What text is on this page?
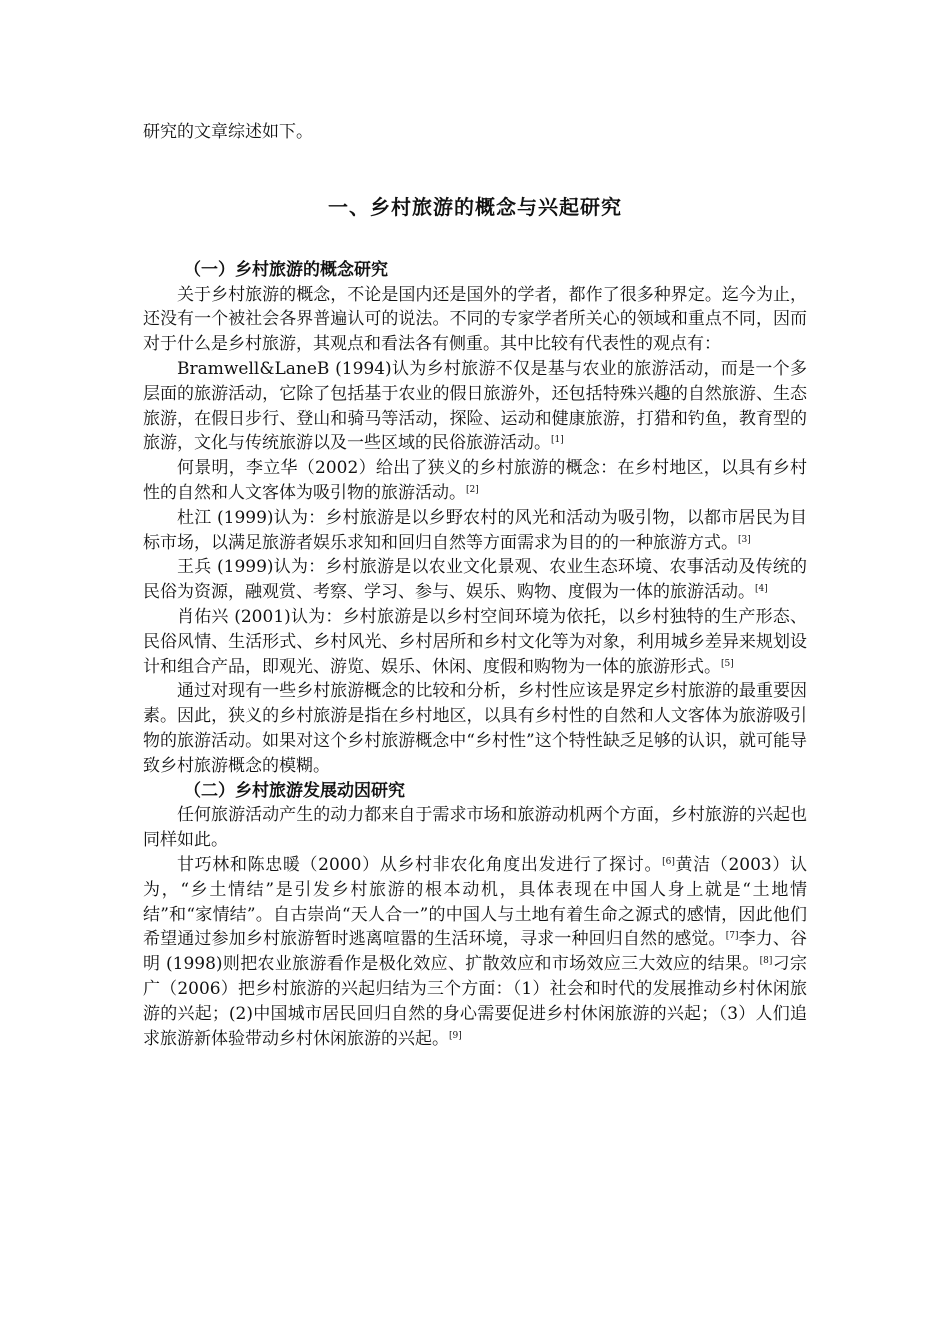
研究的文章综述如下。

一、乡村旅游的概念与兴起研究
（一）乡村旅游的概念研究

关于乡村旅游的概念，不论是国内还是国外的学者，都作了很多种界定。迄今为止，还没有一个被社会各界普遍认可的说法。不同的专家学者所关心的领域和重点不同，因而对于什么是乡村旅游，其观点和看法各有侧重。其中比较有代表性的观点有：

Bramwell&LaneB (1994)认为乡村旅游不仅是基与农业的旅游活动，而是一个多层面的旅游活动，它除了包括基于农业的假日旅游外，还包括特殊兴趣的自然旅游、生态旅游，在假日步行、登山和骑马等活动，探险、运动和健康旅游，打猎和钓鱼，教育型的旅游，文化与传统旅游以及一些区域的民俗旅游活动。[1]

何景明，李立华（2002）给出了狭义的乡村旅游的概念：在乡村地区，以具有乡村性的自然和人文客体为吸引物的旅游活动。[2]

杜江 (1999)认为：乡村旅游是以乡野农村的风光和活动为吸引物，以都市居民为目标市场，以满足旅游者娱乐求知和回归自然等方面需求为目的的一种旅游方式。[3]

王兵 (1999)认为：乡村旅游是以农业文化景观、农业生态环境、农事活动及传统的民俗为资源，融观赏、考察、学习、参与、娱乐、购物、度假为一体的旅游活动。[4]

肖佑兴 (2001)认为：乡村旅游是以乡村空间环境为依托，以乡村独特的生产形态、民俗风情、生活形式、乡村风光、乡村居所和乡村文化等为对象，利用城乡差异来规划设计和组合产品，即观光、游览、娱乐、休闲、度假和购物为一体的旅游形式。[5]

通过对现有一些乡村旅游概念的比较和分析，乡村性应该是界定乡村旅游的最重要因素。因此，狭义的乡村旅游是指在乡村地区，以具有乡村性的自然和人文客体为旅游吸引物的旅游活动。如果对这个乡村旅游概念中“乡村性”这个特性缺乏足够的认识，就可能导致乡村旅游概念的模糊。

（二）乡村旅游发展动因研究

任何旅游活动产生的动力都来自于需求市场和旅游动机两个方面，乡村旅游的兴起也同样如此。

甘巧林和陈忠暖（2000）从乡村非农化角度出发进行了探讨。[6]黄洁（2003）认为，“乡土情结”是引发乡村旅游的根本动机，具体表现在中国人身上就是“土地情结”和“家情结”。自古崇尚“天人合一”的中国人与土地有着生命之源式的感情，因此他们希望通过参加乡村旅游暂时逃离喧嚣的生活环境，寻求一种回归自然的感觉。[7]李力、谷明 (1998)则把农业旅游看作是极化效应、扩散效应和市场效应三大效应的结果。[8]刁宗广（2006）把乡村旅游的兴起归结为三个方面：（1）社会和时代的发展推动乡村休闲旅游的兴起；(2)中国城市居民回归自然的身心需要促进乡村休闲旅游的兴起；（3）人们追求旅游新体验带动乡村休闲旅游的兴起。[9]
